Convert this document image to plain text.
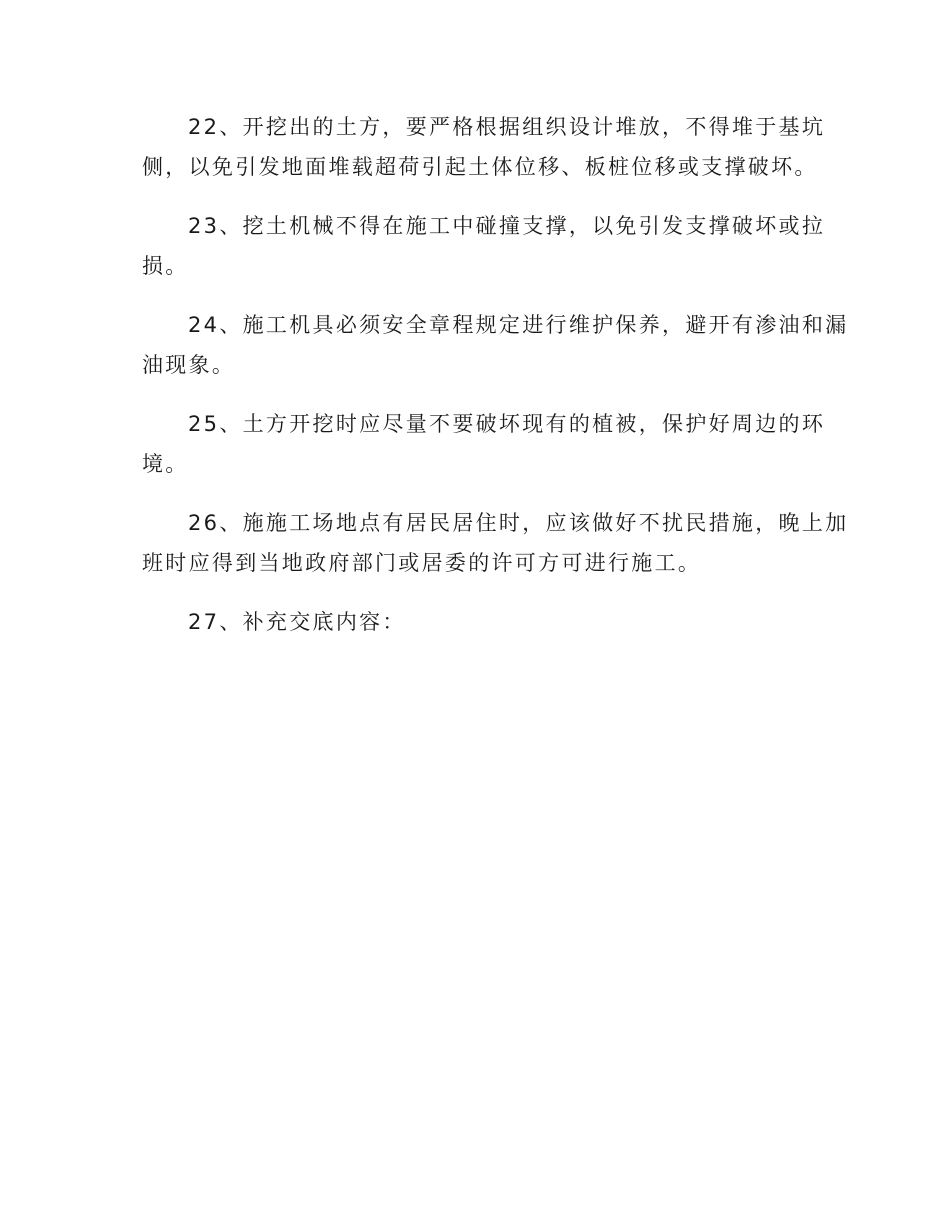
22、开挖出的土方，要严格根据组织设计堆放，不得堆于基坑
侧，以免引发地面堆载超荷引起土体位移、板桩位移或支撑破坏。

23、挖土机械不得在施工中碰撞支撑，以免引发支撑破坏或拉
损。

24、施工机具必须安全章程规定进行维护保养，避开有渗油和漏
油现象。

25、土方开挖时应尽量不要破坏现有的植被，保护好周边的环
境。

26、施施工场地点有居民居住时，应该做好不扰民措施，晚上加
班时应得到当地政府部门或居委的许可方可进行施工。

27、补充交底内容：
